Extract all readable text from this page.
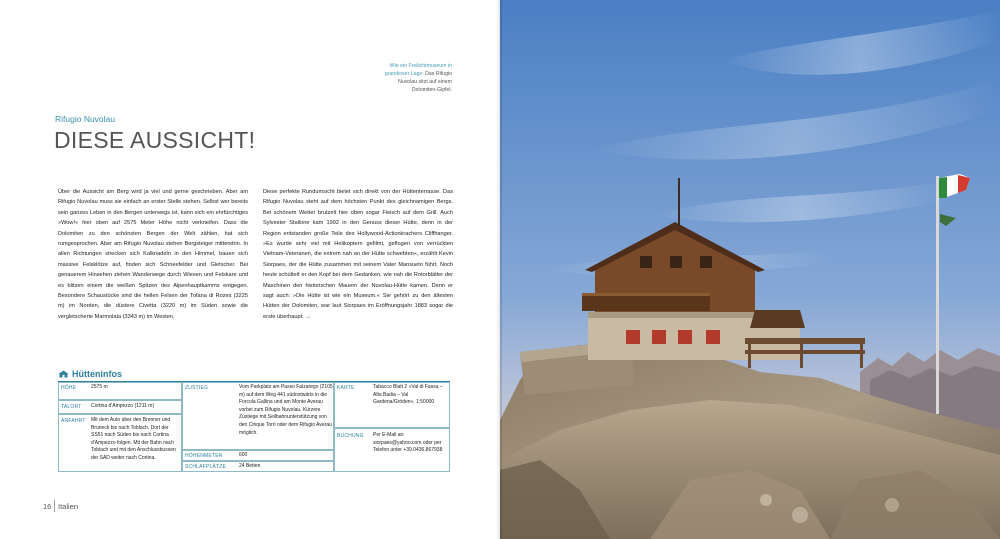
Wie ein Freilichtmuseum in
grandioser Lage: Das Rifugio
Nuvolau sitzt auf einem
Dolomiten-Gipfel.
Rifugio Nuvolau
DIESE AUSSICHT!

Über die Aussicht am Berg wird ja viel und gerne geschrieben. Aber am Rifugio Nuvolau muss sie einfach an erster Stelle stehen. Selbst wer bereits sein ganzes Leben in den Bergen unterwegs ist, kann sich ein ehrfürchtiges »Wow!« hier oben auf 2575 Meter Höhe nicht verkneifen. Dass die Dolomiten zu den schönsten Bergen der Welt zählen, hat sich rumgesprochen. Aber am Rifugio Nuvolau stehen Bergsteiger mittendrin. In allen Richtungen strecken sich Kalknadeln in den Himmel, bauen sich massive Felsklötze auf, finden sich Schneefelder und Gletscher. Bei genauerem Hinsehen ziehen Wanderwege durch Wiesen und Felskare und es blitzen einem die weißen Spitzen des Alpenhauptkamms entgegen. Besondere Schaustücke sind die hellen Felsen der Tofana di Rozes (3225 m) im Norden, die düstere Civetta (3220 m) im Süden sowie die vergletscherte Marmolata (3343 m) im Westen.

Diese perfekte Rundumsicht bietet sich direkt von der Hüttenterrasse. Das Rifugio Nuvolau steht auf dem höchsten Punkt des gleichnamigen Bergs. Bei schönem Wetter brutzelt hier oben sogar Fleisch auf dem Grill. Auch Sylvester Stallone kam 1992 in den Genuss dieser Hütte, denn in der Region entstanden große Teile des Hollywood-Actionkrachers Cliffhanger. »Es wurde sehr viel mit Helikoptern gefilmt, geflogen von verrückten Vietnam-Veteranen, die extrem nah an der Hütte schwebten«, erzählt Kevin Siorpaes, der die Hütte zusammen mit seinem Vater Mansueto führt. Noch heute schüttelt er den Kopf bei dem Gedanken, wie nah die Rotorblätter der Maschinen den historischen Mauern der Nuvolau-Hütte kamen. Denn er sagt auch: »Die Hütte ist wie ein Museum.« Sie gehört zu den ältesten Hütten der Dolomiten, war laut Siorpaes im Eröffnungsjahr 1883 sogar die erste überhaupt. →

Hütteninfos
HÖHE	2575 m
TALORT Cortina d'Ampezzo (1211 m)
ANFAHRT Mit dem Auto über den Brenner und Bruneck bis nach Toblach. Dort der SS51 nach Süden bis nach Cortina d'Ampezzo folgen. Mit der Bahn nach Toblach und mit den Anschlussbussen der SAD weiter nach Cortina.
ZUSTIEG	Vom Parkplatz am Passo Falzarego (2105 m) auf dem Weg 441 südostwärts in die Forcola Gallina und am Monte Averau vorbei zum Rifugio Nuvolau. Kürzere Zustiege mit Seilbahnunterstützung von den Cinque Torri oder dem Rifugio Averau möglich.
HÖHENMETER	600
SCHLAFPLÄTZE	24 Betten
KARTE	Tabacco Blatt 2 »Val di Fassa – Alta Badia – Val Gardena/Gröden«, 1:50000
BUCHUNG Per E-Mail an: siorpaes@yahoo.com oder per Telefon unter +39.0436.867938
16 Italien
